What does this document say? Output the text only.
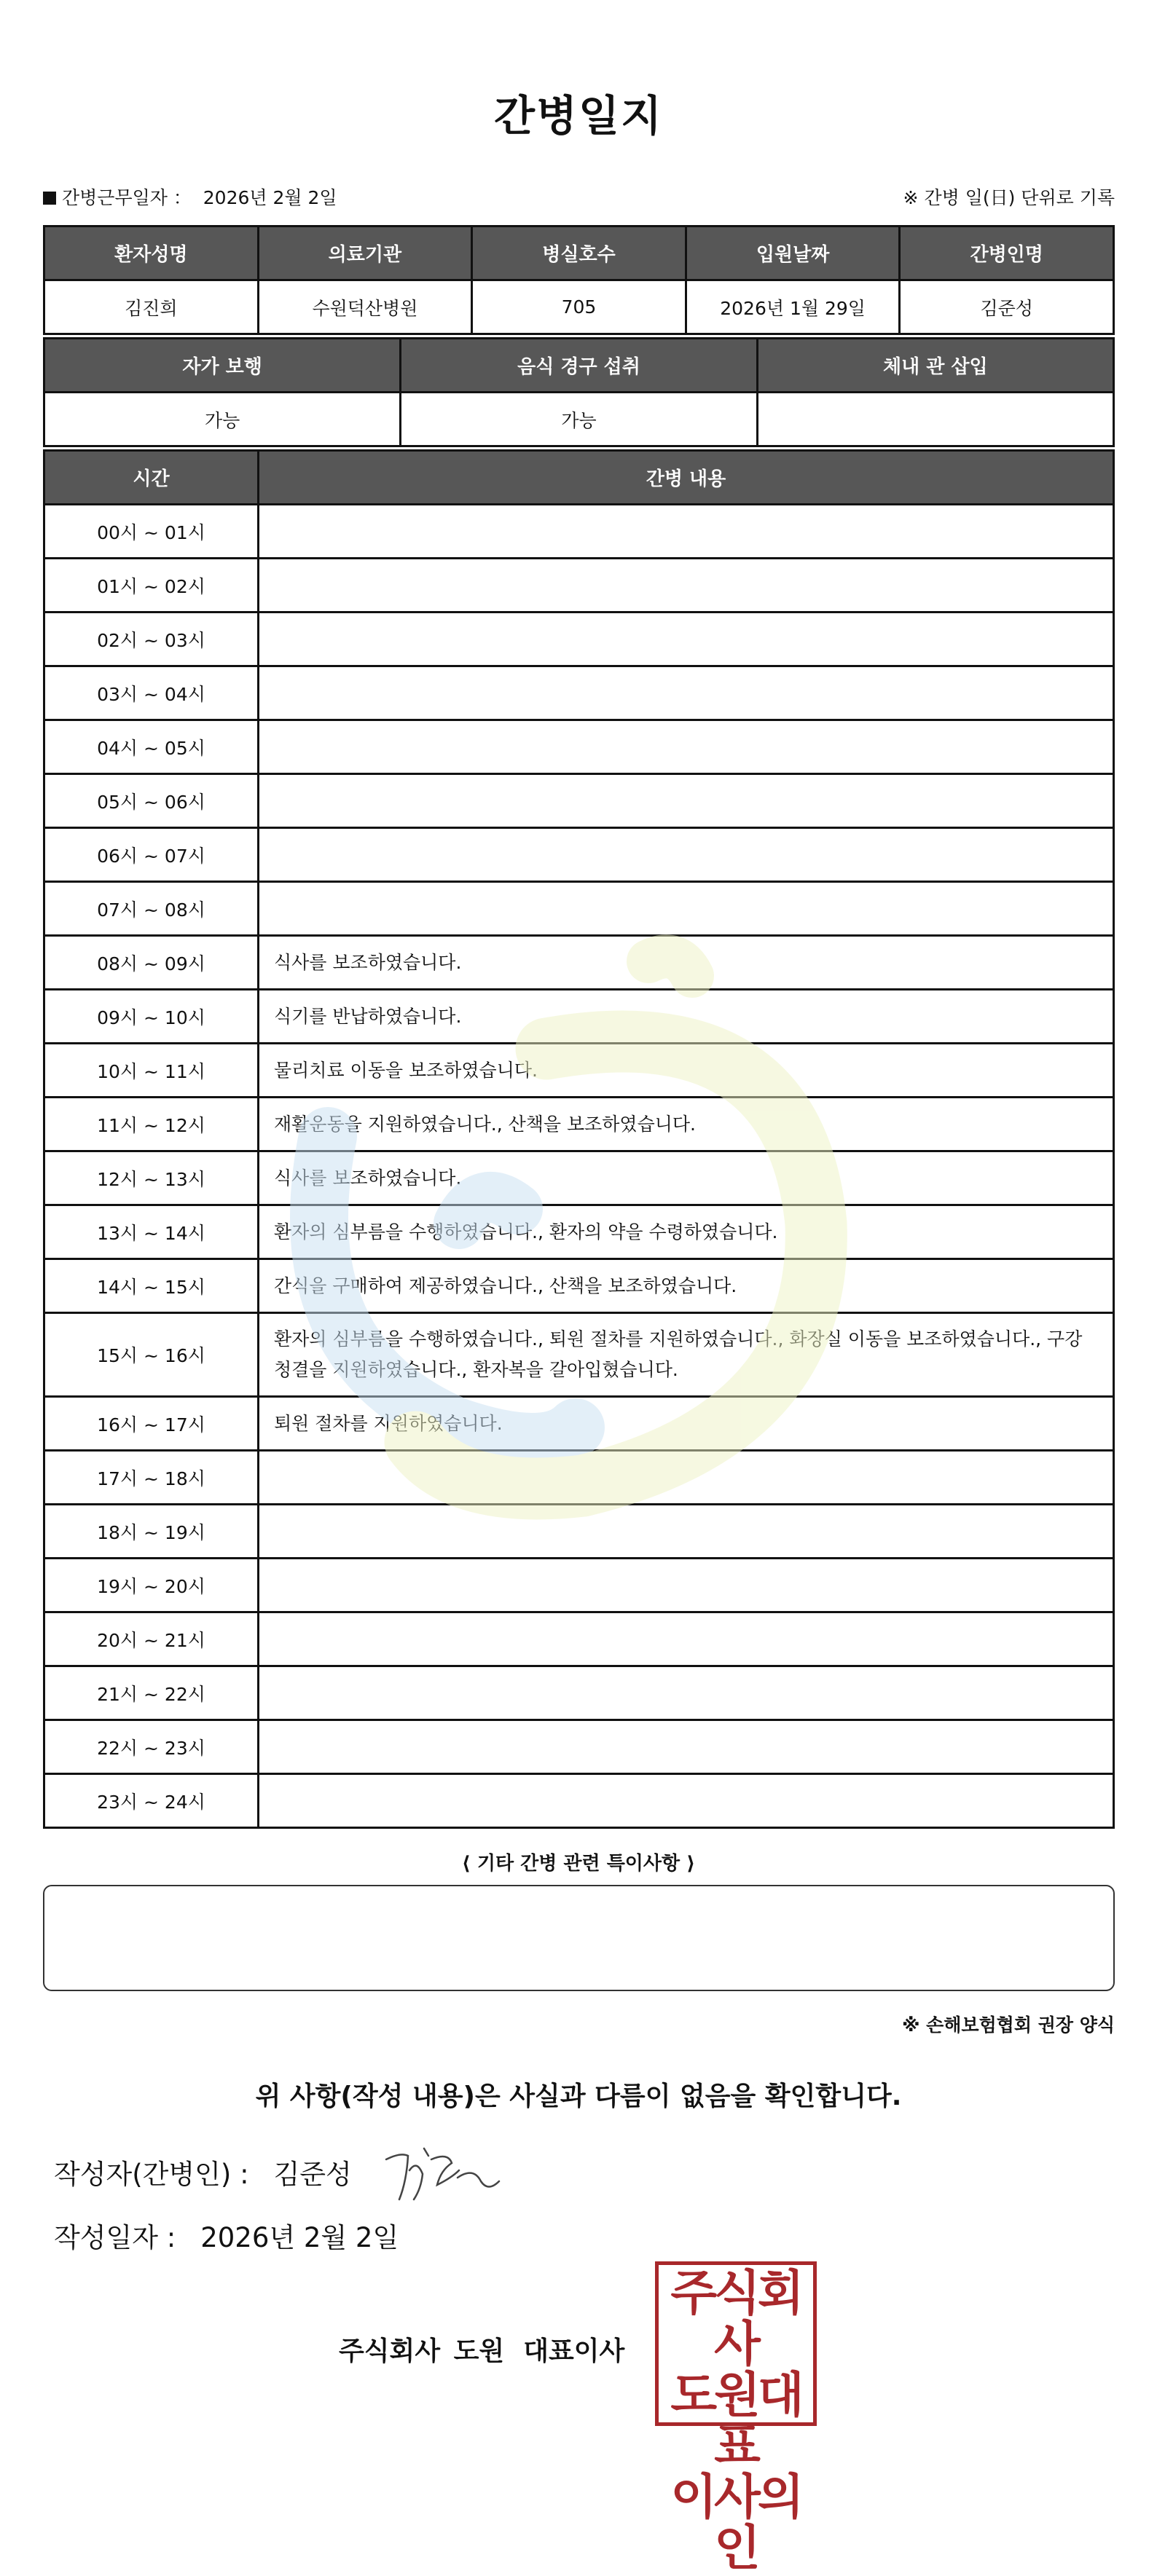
간병일지
간병근무일자 ： 2026년 2월 2일	※ 간병 일(日) 단위로 기록
환자성명	의료기관	병실호수	입원날짜	간병인명
김진희	수원덕산병원	705	2026년 1월 29일	김준성
자가 보행	음식 경구 섭취	체내 관 삽입
가능	가능	
시간	간병 내용
00시 ~ 01시	
01시 ~ 02시	
02시 ~ 03시	
03시 ~ 04시	
04시 ~ 05시	
05시 ~ 06시	
06시 ~ 07시	
07시 ~ 08시	
08시 ~ 09시	식사를 보조하였습니다.
09시 ~ 10시	식기를 반납하였습니다.
10시 ~ 11시	물리치료 이동을 보조하였습니다.
11시 ~ 12시	재활운동을 지원하였습니다., 산책을 보조하였습니다.
12시 ~ 13시	식사를 보조하였습니다.
13시 ~ 14시	환자의 심부름을 수행하였습니다., 환자의 약을 수령하였습니다.
14시 ~ 15시	간식을 구매하여 제공하였습니다., 산책을 보조하였습니다.
15시 ~ 16시	환자의 심부름을 수행하였습니다., 퇴원 절차를 지원하였습니다., 화장실 이동을 보조하였습니다., 구강청결을 지원하였습니다., 환자복을 갈아입혔습니다.
16시 ~ 17시	퇴원 절차를 지원하였습니다.
17시 ~ 18시	
18시 ~ 19시	
19시 ~ 20시	
20시 ~ 21시	
21시 ~ 22시	
22시 ~ 23시	
23시 ~ 24시	
⟨ 기타 간병 관련 특이사항 ⟩
※ 손해보험협회 권장 양식
위 사항(작성 내용)은 사실과 다름이 없음을 확인합니다.
작성자(간병인) : 김준성
작성일자 : 2026년 2월 2일
주식회사 도원 대표이사
주식회사
도원대표
이사의인
